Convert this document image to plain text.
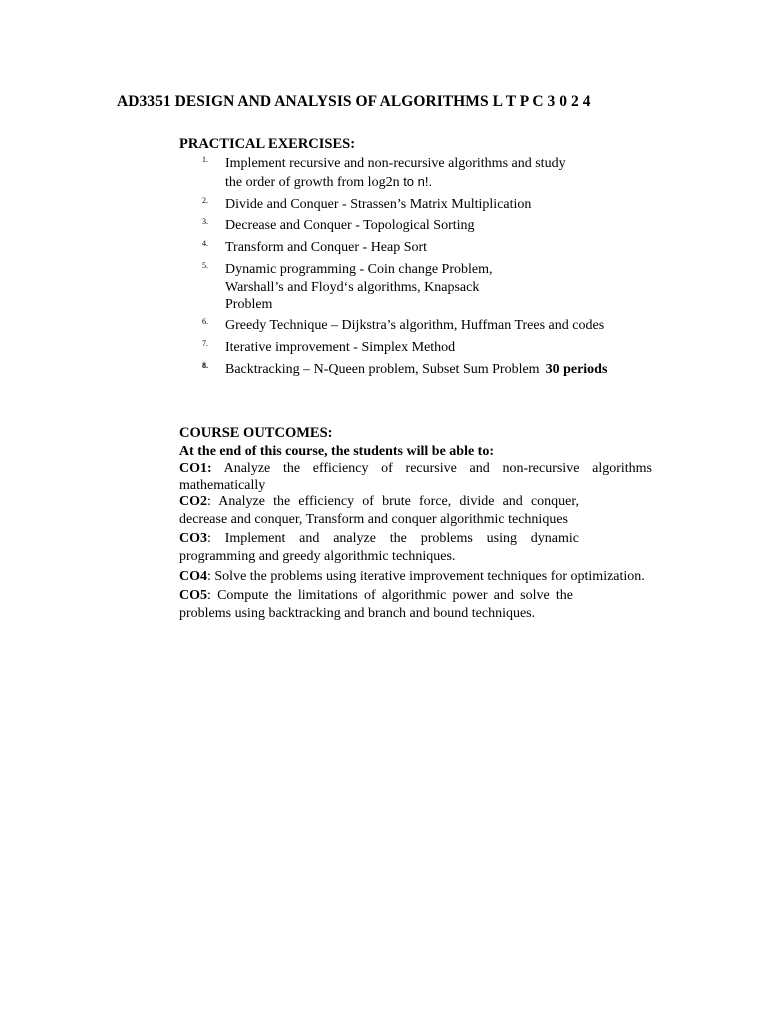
AD3351 DESIGN AND ANALYSIS OF ALGORITHMS L T P C 3 0 2 4
PRACTICAL EXERCISES:
1. Implement recursive and non-recursive algorithms and study
the order of growth from log2n to n!.
2. Divide and Conquer - Strassen’s Matrix Multiplication
3. Decrease and Conquer - Topological Sorting
4. Transform and Conquer - Heap Sort
5. Dynamic programming - Coin change Problem,
Warshall’s and Floyd‘s algorithms, Knapsack
Problem
6. Greedy Technique – Dijkstra’s algorithm, Huffman Trees and codes
7. Iterative improvement - Simplex Method
8. Backtracking – N-Queen problem, Subset Sum Problem 30 periods
COURSE OUTCOMES:
At the end of this course, the students will be able to:
CO1: Analyze the efficiency of recursive and non-recursive algorithms
mathematically
CO2: Analyze the efficiency of brute force, divide and conquer,
decrease and conquer, Transform and conquer algorithmic techniques
CO3: Implement and analyze the problems using dynamic
programming and greedy algorithmic techniques.
CO4: Solve the problems using iterative improvement techniques for optimization.
CO5: Compute the limitations of algorithmic power and solve the
problems using backtracking and branch and bound techniques.
